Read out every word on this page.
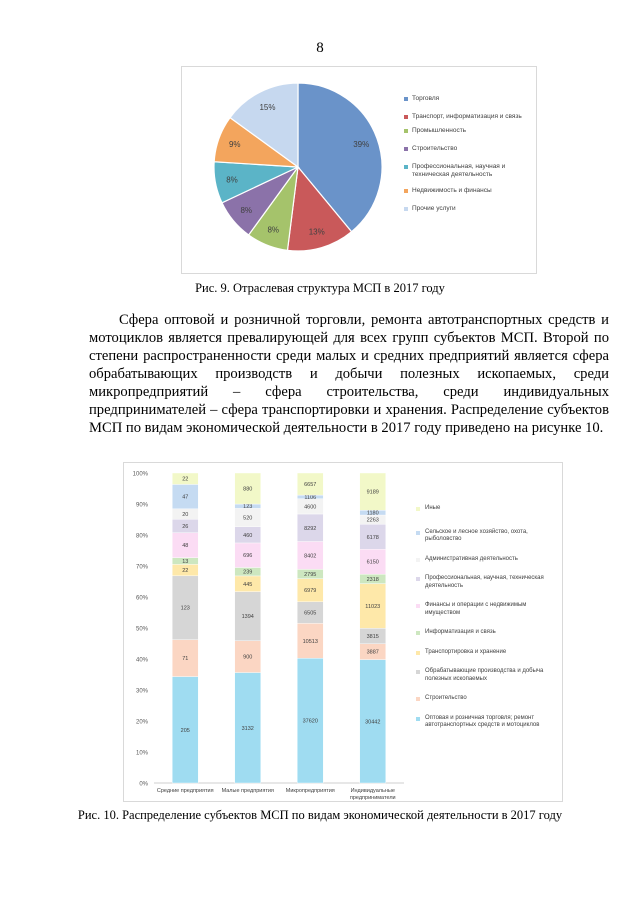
8
39%
13%
8%
8%
8%
9%
15%
Торговля
Транспорт, информатизация и связь
Промышленность
Строительство
Профессиональная, научная и техническая деятельность
Недвижимость и финансы
Прочие услуги
Рис. 9. Отраслевая структура МСП в 2017 году

Сфера оптовой и розничной торговли, ремонта автотранспортных средств и мотоциклов является превалирующей для всех групп субъектов МСП. Второй по степени распространенности среди малых и средних предприятий является сфера обрабатывающих производств и добычи полезных ископаемых, среди микропредприятий – сфера строительства, среди индивидуальных предпринимателей – сфера транспортировки и хранения. Распределение субъектов МСП по видам экономической деятельности в 2017 году приведено на рисунке 10.

0%
10%
20%
30%
40%
50%
60%
70%
80%
90%
100%
205
71
123
22
13
48
26
20
47
22
Средние предприятия
3132
900
1394
445
239
696
460
520
123
880
Малые предприятия
37620
10513
6505
6979
2795
8402
8292
4600
1106
6657
Микропредприятия
30442
3887
3815
11023
2318
6150
6178
2263
1180
9189
Индивидуальные
предприниматели
Иные
Сельское и лесное хозяйство, охота, рыболовство
Административная деятельность
Профессиональная, научная, техническая деятельность
Финансы и операции с недвижимым имуществом
Информатизация и связь
Транспортировка и хранение
Обрабатывающие производства и добыча полезных ископаемых
Строительство
Оптовая и розничная торговля; ремонт автотранспортных средств и мотоциклов
Рис. 10. Распределение субъектов МСП по видам экономической деятельности в 2017 году
